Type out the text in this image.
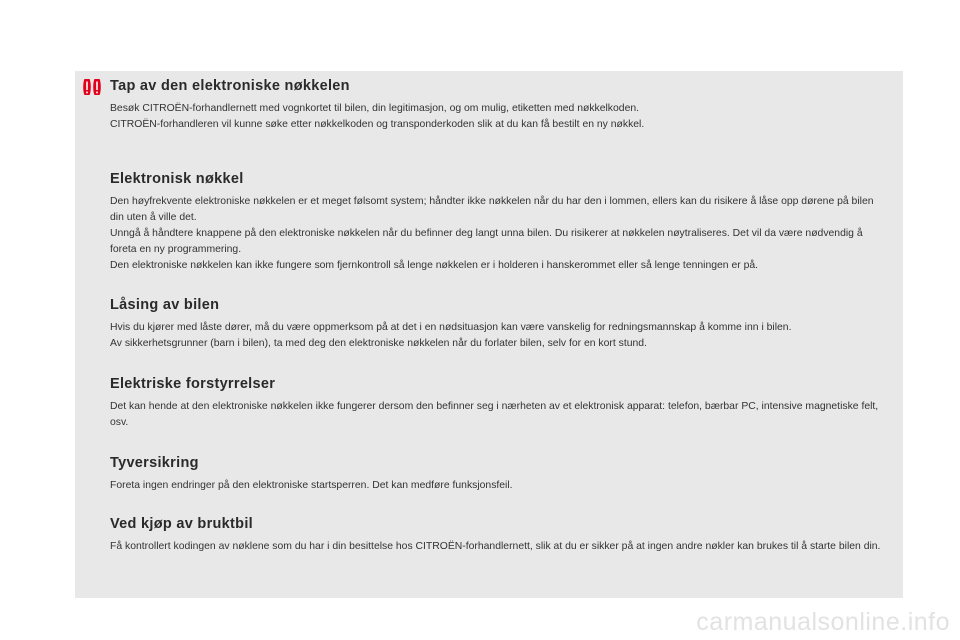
Tap av den elektroniske nøkkelen

Besøk CITROËN-forhandlernett med vognkortet til bilen, din legitimasjon, og om mulig, etiketten med nøkkelkoden.

CITROËN-forhandleren vil kunne søke etter nøkkelkoden og transponderkoden slik at du kan få bestilt en ny nøkkel.

Elektronisk nøkkel

Den høyfrekvente elektroniske nøkkelen er et meget følsomt system; håndter ikke nøkkelen når du har den i lommen, ellers kan du risikere å låse opp dørene på bilen din uten å ville det.

Unngå å håndtere knappene på den elektroniske nøkkelen når du befinner deg langt unna bilen. Du risikerer at nøkkelen nøytraliseres. Det vil da være nødvendig å foreta en ny programmering.

Den elektroniske nøkkelen kan ikke fungere som fjernkontroll så lenge nøkkelen er i holderen i hanskerommet eller så lenge tenningen er på.

Låsing av bilen

Hvis du kjører med låste dører, må du være oppmerksom på at det i en nødsituasjon kan være vanskelig for redningsmannskap å komme inn i bilen.

Av sikkerhetsgrunner (barn i bilen), ta med deg den elektroniske nøkkelen når du forlater bilen, selv for en kort stund.

Elektriske forstyrrelser

Det kan hende at den elektroniske nøkkelen ikke fungerer dersom den befinner seg i nærheten av et elektronisk apparat: telefon, bærbar PC, intensive magnetiske felt, osv.

Tyversikring

Foreta ingen endringer på den elektroniske startsperren. Det kan medføre funksjonsfeil.

Ved kjøp av bruktbil

Få kontrollert kodingen av nøklene som du har i din besittelse hos CITROËN-forhandlernett, slik at du er sikker på at ingen andre nøkler kan brukes til å starte bilen din.

carmanualsonline.info
